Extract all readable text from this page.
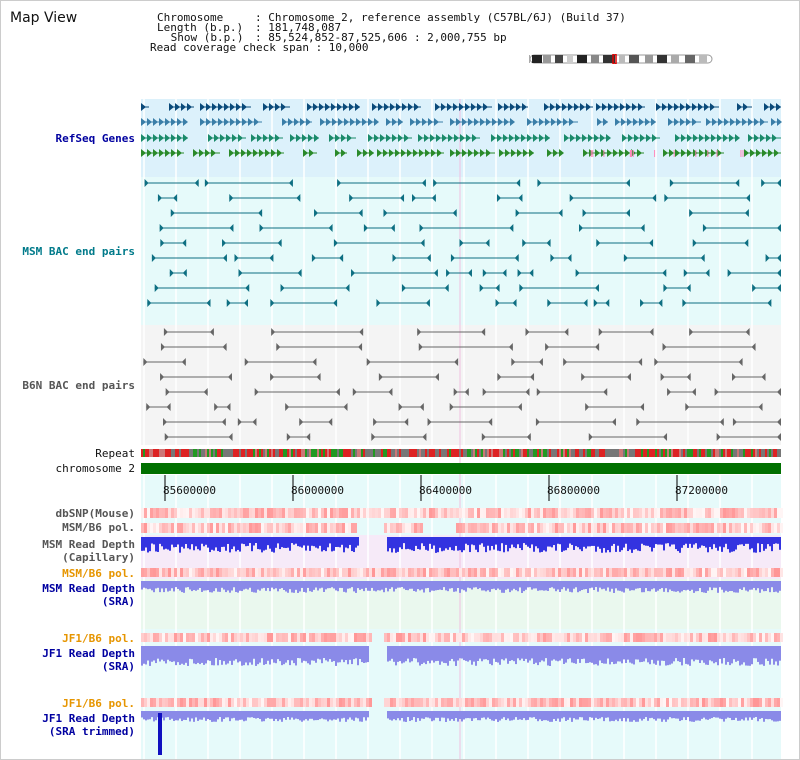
Map View	Chromosome : Chromosome 2, reference assembly (C57BL/6J) (Build 37)
Length (b.p.) : 181,748,087
Show (b.p.) : 85,524,852-87,525,606 : 2,000,755 bp
Read coverage check span : 10,000
RefSeq Genes
MSM BAC end pairs
B6N BAC end pairs
Repeat
chromosome 2
dbSNP(Mouse)
MSM/B6 pol.
MSM Read Depth
(Capillary)
MSM/B6 pol.
MSM Read Depth
(SRA)
JF1/B6 pol.
JF1 Read Depth
(SRA)
JF1/B6 pol.
JF1 Read Depth
(SRA trimmed)
85600000	86000000	86400000	86800000	87200000
